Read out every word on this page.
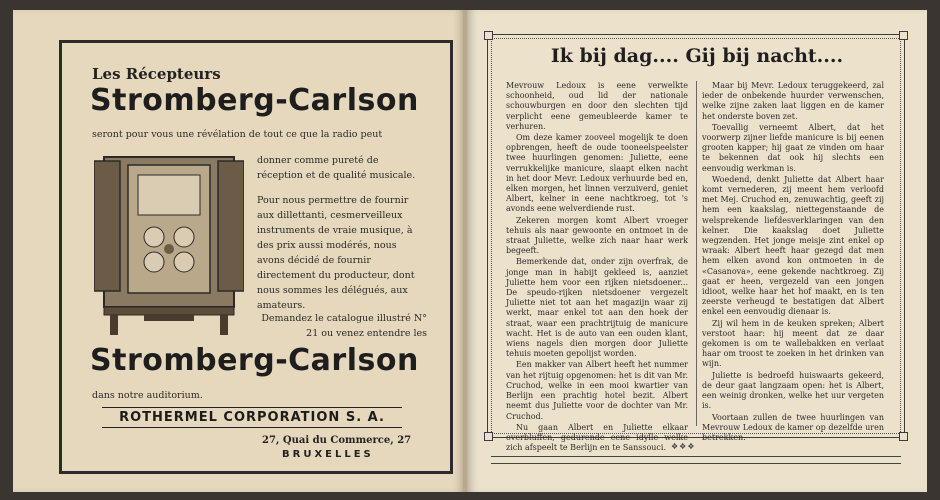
Les Récepteurs
Stromberg-Carlson
seront pour vous une révélation de tout ce que la radio peut
donner comme pureté de réception et de qualité musicale.
Pour nous permettre de fournir aux dillettanti, cesmerveilleux instruments de vraie musique, à des prix aussi modérés, nous avons décidé de fournir directement du producteur, dont nous sommes les délégués, aux amateurs.
Demandez le catalogue illustré N° 21 ou venez entendre les
Stromberg-Carlson
dans notre auditorium.
ROTHERMEL CORPORATION S. A.
27, Quai du Commerce, 27
BRUXELLES
Ik bij dag.... Gij bij nacht....

Mevrouw Ledoux is eene verwelkte schoonheid, oud lid der nationale schouwburgen en door den slechten tijd verplicht eene gemeubleerde kamer te verhuren.

Om deze kamer zooveel mogelijk te doen opbrengen, heeft de oude tooneelspeelster twee huurlingen genomen: Juliette, eene verrukkelijke manicure, slaapt elken nacht in het door Mevr. Ledoux verhuurde bed en, elken morgen, het linnen verzuiverd, geniet Albert, kelner in eene nachtkroeg, tot 's avonds eene welverdiende rust.

Zekeren morgen komt Albert vroeger tehuis als naar gewoonte en ontmoet in de straat Juliette, welke zich naar haar werk begeeft.

Bemerkende dat, onder zijn overfrak, de jonge man in habijt gekleed is, aanziet Juliette hem voor een rijken nietsdoener... De speudo-rijken nietsdoener vergezelt Juliette niet tot aan het magazijn waar zij werkt, maar enkel tot aan den hoek der straat, waar een prachtrijtuig de manicure wacht. Het is de auto van een ouden klant, wiens nagels dien morgen door Juliette tehuis moeten gepolijst worden.

Een makker van Albert heeft het nummer van het rijtuig opgenomen: het is dit van Mr. Cruchod, welke in een mooi kwartier van Berlijn een prachtig hotel bezit. Albert neemt dus Juliette voor de dochter van Mr. Cruchod.

Nu gaan Albert en Juliette elkaar overbluffen, gedurende eene idylle welke zich afspeelt te Berlijn en te Sanssouci.

Maar bij Mevr. Ledoux teruggekeerd, zal ieder de onbekende huurder verwenschen, welke zijne zaken laat liggen en de kamer het onderste boven zet.

Toevallig verneemt Albert, dat het voorwerp zijner liefde manicure is bij eenen grooten kapper; hij gaat ze vinden om haar te bekennen dat ook hij slechts een eenvoudig werkman is.

Woedend, denkt Juliette dat Albert haar komt vernederen, zij meent hem verloofd met Mej. Cruchod en, zenuwachtig, geeft zij hem een kaakslag, niettegenstaande de welsprekende liefdesverklaringen van den kelner. Die kaakslag doet Juliette wegzenden. Het jonge meisje zint enkel op wraak: Albert heeft haar gezegd dat men hem elken avond kon ontmoeten in de «Casanova», eene gekende nachtkroeg. Zij gaat er heen, vergezeld van een jongen idioot, welke haar het hof maakt, en is ten zeerste verheugd te bestatigen dat Albert enkel een eenvoudig dienaar is.

Zij wil hem in de keuken spreken; Albert verstoot haar: hij meent dat ze daar gekomen is om te wallebakken en verlaat haar om troost te zoeken in het drinken van wijn.

Juliette is bedroefd huiswaarts gekeerd, de deur gaat langzaam open: het is Albert, een weinig dronken, welke het uur vergeten is.

Voortaan zullen de twee huurlingen van Mevrouw Ledoux de kamer op dezelfde uren betrekken.

❖❖❖
